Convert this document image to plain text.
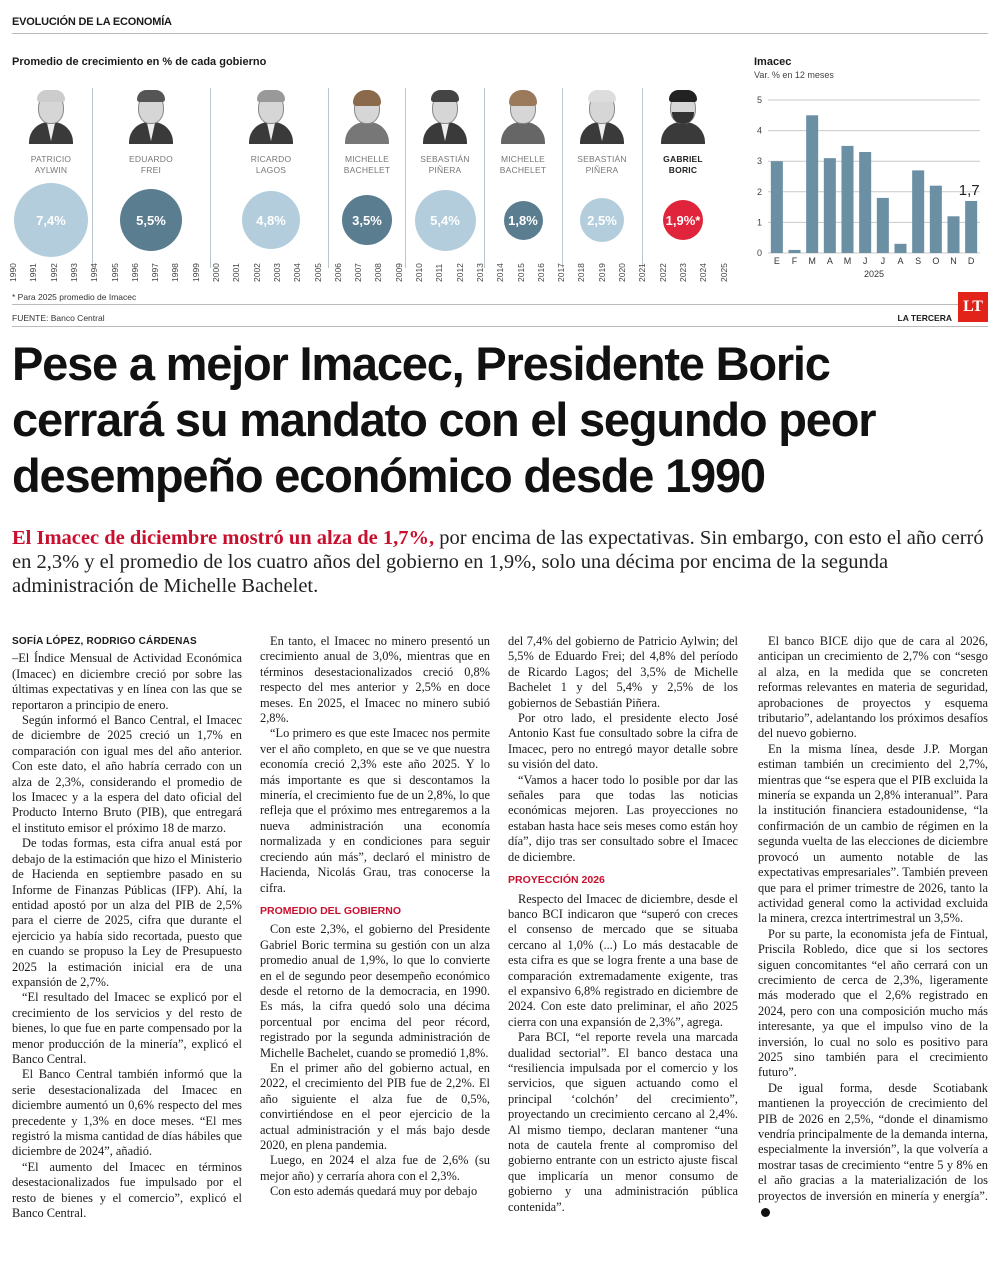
EVOLUCIÓN DE LA ECONOMÍA
Promedio de crecimiento en % de cada gobierno
PATRICIO
AYLWIN
7,4%
EDUARDO
FREI
5,5%
RICARDO
LAGOS
4,8%
MICHELLE
BACHELET
3,5%
SEBASTIÁN
PIÑERA
5,4%
MICHELLE
BACHELET
1,8%
SEBASTIÁN
PIÑERA
2,5%
GABRIEL
BORIC
1,9% *
1990 1991 1992 1993 1994 1995 1996 1997 1998 1999 2000 2001 2002 2003 2004 2005 2006 2007 2008 2009 2010 2011 2012 2013 2014 2015 2016 2017 2018 2019 2020 2021 2022 2023 2024 2025
* Para 2025 promedio de Imacec
FUENTE: Banco Central	LA TERCERA
LT
Imacec
Var. % en 12 meses
0
1
2
3
4
5
E F M A M J J A S O N D
1,7
2025
Pese a mejor Imacec, Presidente Boric cerrará su mandato con el segundo peor desempeño económico desde 1990
El Imacec de diciembre mostró un alza de 1,7%, por encima de las expectativas. Sin embargo, con esto el año cerró en 2,3% y el promedio de los cuatro años del gobierno en 1,9%, solo una décima por encima de la segunda administración de Michelle Bachelet.
SOFÍA LÓPEZ, RODRIGO CÁRDENAS

–El Índice Mensual de Actividad Económica (Imacec) en diciembre creció por sobre las últimas expectativas y en línea con las que se reportaron a principio de enero.

Según informó el Banco Central, el Imacec de diciembre de 2025 creció un 1,7% en comparación con igual mes del año anterior. Con este dato, el año habría cerrado con un alza de 2,3%, considerando el promedio de los Imacec y a la espera del dato oficial del Producto Interno Bruto (PIB), que entregará el instituto emisor el próximo 18 de marzo.

De todas formas, esta cifra anual está por debajo de la estimación que hizo el Ministerio de Hacienda en septiembre pasado en su Informe de Finanzas Públicas (IFP). Ahí, la entidad apostó por un alza del PIB de 2,5% para el cierre de 2025, cifra que durante el ejercicio ya había sido recortada, puesto que en cuando se propuso la Ley de Presupuesto 2025 la estimación inicial era de una expansión de 2,7%.

“El resultado del Imacec se explicó por el crecimiento de los servicios y del resto de bienes, lo que fue en parte compensado por la menor producción de la minería”, explicó el Banco Central.

El Banco Central también informó que la serie desestacionalizada del Imacec en diciembre aumentó un 0,6% respecto del mes precedente y 1,3% en doce meses. “El mes registró la misma cantidad de días hábiles que diciembre de 2024”, añadió.

“El aumento del Imacec en términos desestacionalizados fue impulsado por el resto de bienes y el comercio”, explicó el Banco Central.

En tanto, el Imacec no minero presentó un crecimiento anual de 3,0%, mientras que en términos desestacionalizados creció 0,8% respecto del mes anterior y 2,5% en doce meses. En 2025, el Imacec no minero subió 2,8%.

“Lo primero es que este Imacec nos permite ver el año completo, en que se ve que nuestra economía creció 2,3% este año 2025. Y lo más importante es que si descontamos la minería, el crecimiento fue de un 2,8%, lo que refleja que el próximo mes entregaremos a la nueva administración una economía normalizada y en condiciones para seguir creciendo aún más”, declaró el ministro de Hacienda, Nicolás Grau, tras conocerse la cifra.

PROMEDIO DEL GOBIERNO

Con este 2,3%, el gobierno del Presidente Gabriel Boric termina su gestión con un alza promedio anual de 1,9%, lo que lo convierte en el de segundo peor desempeño económico desde el retorno de la democracia, en 1990. Es más, la cifra quedó solo una décima porcentual por encima del peor récord, registrado por la segunda administración de Michelle Bachelet, cuando se promedió 1,8%.

En el primer año del gobierno actual, en 2022, el crecimiento del PIB fue de 2,2%. El año siguiente el alza fue de 0,5%, convirtiéndose en el peor ejercicio de la actual administración y el más bajo desde 2020, en plena pandemia.

Luego, en 2024 el alza fue de 2,6% (su mejor año) y cerraría ahora con el 2,3%.

Con esto además quedará muy por debajo

del 7,4% del gobierno de Patricio Aylwin; del 5,5% de Eduardo Frei; del 4,8% del período de Ricardo Lagos; del 3,5% de Michelle Bachelet 1 y del 5,4% y 2,5% de los gobiernos de Sebastián Piñera.

Por otro lado, el presidente electo José Antonio Kast fue consultado sobre la cifra de Imacec, pero no entregó mayor detalle sobre su visión del dato.

“Vamos a hacer todo lo posible por dar las señales para que todas las noticias económicas mejoren. Las proyecciones no estaban hasta hace seis meses como están hoy día”, dijo tras ser consultado sobre el Imacec de diciembre.

PROYECCIÓN 2026

Respecto del Imacec de diciembre, desde el banco BCI indicaron que “superó con creces el consenso de mercado que se situaba cercano al 1,0% (...) Lo más destacable de esta cifra es que se logra frente a una base de comparación extremadamente exigente, tras el expansivo 6,8% registrado en diciembre de 2024. Con este dato preliminar, el año 2025 cierra con una expansión de 2,3%”, agrega.

Para BCI, “el reporte revela una marcada dualidad sectorial”. El banco destaca una “resiliencia impulsada por el comercio y los servicios, que siguen actuando como el principal ‘colchón’ del crecimiento”, proyectando un crecimiento cercano al 2,4%. Al mismo tiempo, declaran mantener “una nota de cautela frente al compromiso del gobierno entrante con un estricto ajuste fiscal que implicaría un menor consumo de gobierno y una administración pública contenida”.

El banco BICE dijo que de cara al 2026, anticipan un crecimiento de 2,7% con “sesgo al alza, en la medida que se concreten reformas relevantes en materia de seguridad, aprobaciones de proyectos y esquema tributario”, adelantando los próximos desafíos del nuevo gobierno.

En la misma línea, desde J.P. Morgan estiman también un crecimiento del 2,7%, mientras que “se espera que el PIB excluida la minería se expanda un 2,8% interanual”. Para la institución financiera estadounidense, “la confirmación de un cambio de régimen en la segunda vuelta de las elecciones de diciembre provocó un aumento notable de las expectativas empresariales”. También preveen que para el primer trimestre de 2026, tanto la actividad general como la actividad excluida la minera, crezca intertrimestral un 3,5%.

Por su parte, la economista jefa de Fintual, Priscila Robledo, dice que si los sectores siguen concomitantes “el año cerrará con un crecimiento de cerca de 2,3%, ligeramente más moderado que el 2,6% registrado en 2024, pero con una composición mucho más interesante, ya que el impulso vino de la inversión, lo cual no solo es positivo para 2025 sino también para el crecimiento futuro”.

De igual forma, desde Scotiabank mantienen la proyección de crecimiento del PIB de 2026 en 2,5%, “donde el dinamismo vendría principalmente de la demanda interna, especialmente la inversión”, la que volvería a mostrar tasas de crecimiento “entre 5 y 8% en el año gracias a la materialización de los proyectos de inversión en minería y energía”.
